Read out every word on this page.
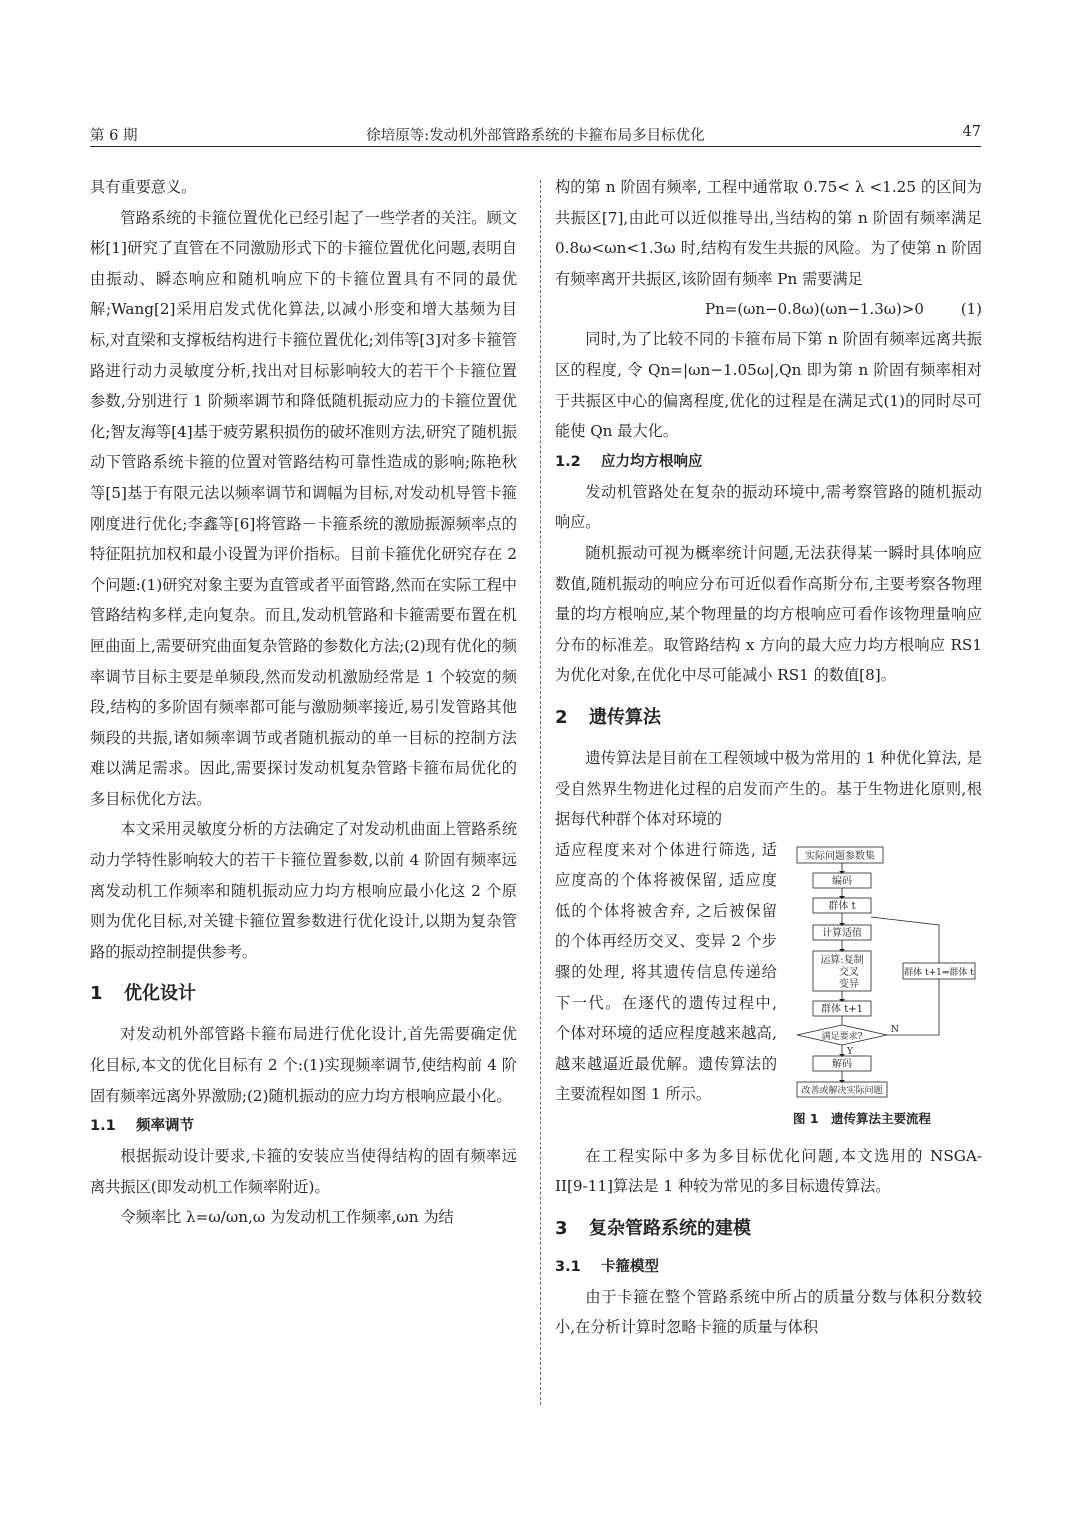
第 6 期	徐培原等:发动机外部管路系统的卡箍布局多目标优化	47

具有重要意义。

管路系统的卡箍位置优化已经引起了一些学者的关注。顾文彬[1]研究了直管在不同激励形式下的卡箍位置优化问题,表明自由振动、瞬态响应和随机响应下的卡箍位置具有不同的最优解;Wang[2]采用启发式优化算法,以减小形变和增大基频为目标,对直梁和支撑板结构进行卡箍位置优化;刘伟等[3]对多卡箍管路进行动力灵敏度分析,找出对目标影响较大的若干个卡箍位置参数,分别进行 1 阶频率调节和降低随机振动应力的卡箍位置优化;智友海等[4]基于疲劳累积损伤的破坏准则方法,研究了随机振动下管路系统卡箍的位置对管路结构可靠性造成的影响;陈艳秋等[5]基于有限元法以频率调节和调幅为目标,对发动机导管卡箍刚度进行优化;李鑫等[6]将管路－卡箍系统的激励振源频率点的特征阻抗加权和最小设置为评价指标。目前卡箍优化研究存在 2 个问题:(1)研究对象主要为直管或者平面管路,然而在实际工程中管路结构多样,走向复杂。而且,发动机管路和卡箍需要布置在机匣曲面上,需要研究曲面复杂管路的参数化方法;(2)现有优化的频率调节目标主要是单频段,然而发动机激励经常是 1 个较宽的频段,结构的多阶固有频率都可能与激励频率接近,易引发管路其他频段的共振,诸如频率调节或者随机振动的单一目标的控制方法难以满足需求。因此,需要探讨发动机复杂管路卡箍布局优化的多目标优化方法。

本文采用灵敏度分析的方法确定了对发动机曲面上管路系统动力学特性影响较大的若干卡箍位置参数,以前 4 阶固有频率远离发动机工作频率和随机振动应力均方根响应最小化这 2 个原则为优化目标,对关键卡箍位置参数进行优化设计,以期为复杂管路的振动控制提供参考。

1 优化设计

对发动机外部管路卡箍布局进行优化设计,首先需要确定优化目标,本文的优化目标有 2 个:(1)实现频率调节,使结构前 4 阶固有频率远离外界激励;(2)随机振动的应力均方根响应最小化。

1.1 频率调节

根据振动设计要求,卡箍的安装应当使得结构的固有频率远离共振区(即发动机工作频率附近)。

令频率比 λ=ω/ωn,ω 为发动机工作频率,ωn 为结

构的第 n 阶固有频率, 工程中通常取 0.75< λ <1.25 的区间为共振区[7],由此可以近似推导出,当结构的第 n 阶固有频率满足 0.8ω<ωn<1.3ω 时,结构有发生共振的风险。为了使第 n 阶固有频率离开共振区,该阶固有频率 Pn 需要满足

Pn=(ωn−0.8ω)(ωn−1.3ω)>0 (1)

同时,为了比较不同的卡箍布局下第 n 阶固有频率远离共振区的程度, 令 Qn=|ωn−1.05ω|,Qn 即为第 n 阶固有频率相对于共振区中心的偏离程度,优化的过程是在满足式(1)的同时尽可能使 Qn 最大化。

1.2 应力均方根响应

发动机管路处在复杂的振动环境中,需考察管路的随机振动响应。

随机振动可视为概率统计问题,无法获得某一瞬时具体响应数值,随机振动的响应分布可近似看作高斯分布,主要考察各物理量的均方根响应,某个物理量的均方根响应可看作该物理量响应分布的标准差。取管路结构 x 方向的最大应力均方根响应 RS1 为优化对象,在优化中尽可能减小 RS1 的数值[8]。

2 遗传算法

遗传算法是目前在工程领域中极为常用的 1 种优化算法, 是受自然界生物进化过程的启发而产生的。基于生物进化原则,根据每代种群个体对环境的

适应程度来对个体进行筛选, 适应度高的个体将被保留, 适应度低的个体将被舍弃, 之后被保留的个体再经历交叉、变异 2 个步骤的处理, 将其遗传信息传递给下一代。在逐代的遗传过程中, 个体对环境的适应程度越来越高,越来越逼近最优解。遗传算法的主要流程如图 1 所示。

实际问题参数集
编码
群体 t
计算适值
运算:复制
交叉
变异
群体 t+1
满足要求?
Y
N
解码
改善或解决实际问题
群体 t+1⇒群体 t
图 1　遗传算法主要流程

在工程实际中多为多目标优化问题,本文选用的 NSGA-II[9-11]算法是 1 种较为常见的多目标遗传算法。

3 复杂管路系统的建模
3.1 卡箍模型

由于卡箍在整个管路系统中所占的质量分数与体积分数较小,在分析计算时忽略卡箍的质量与体积
